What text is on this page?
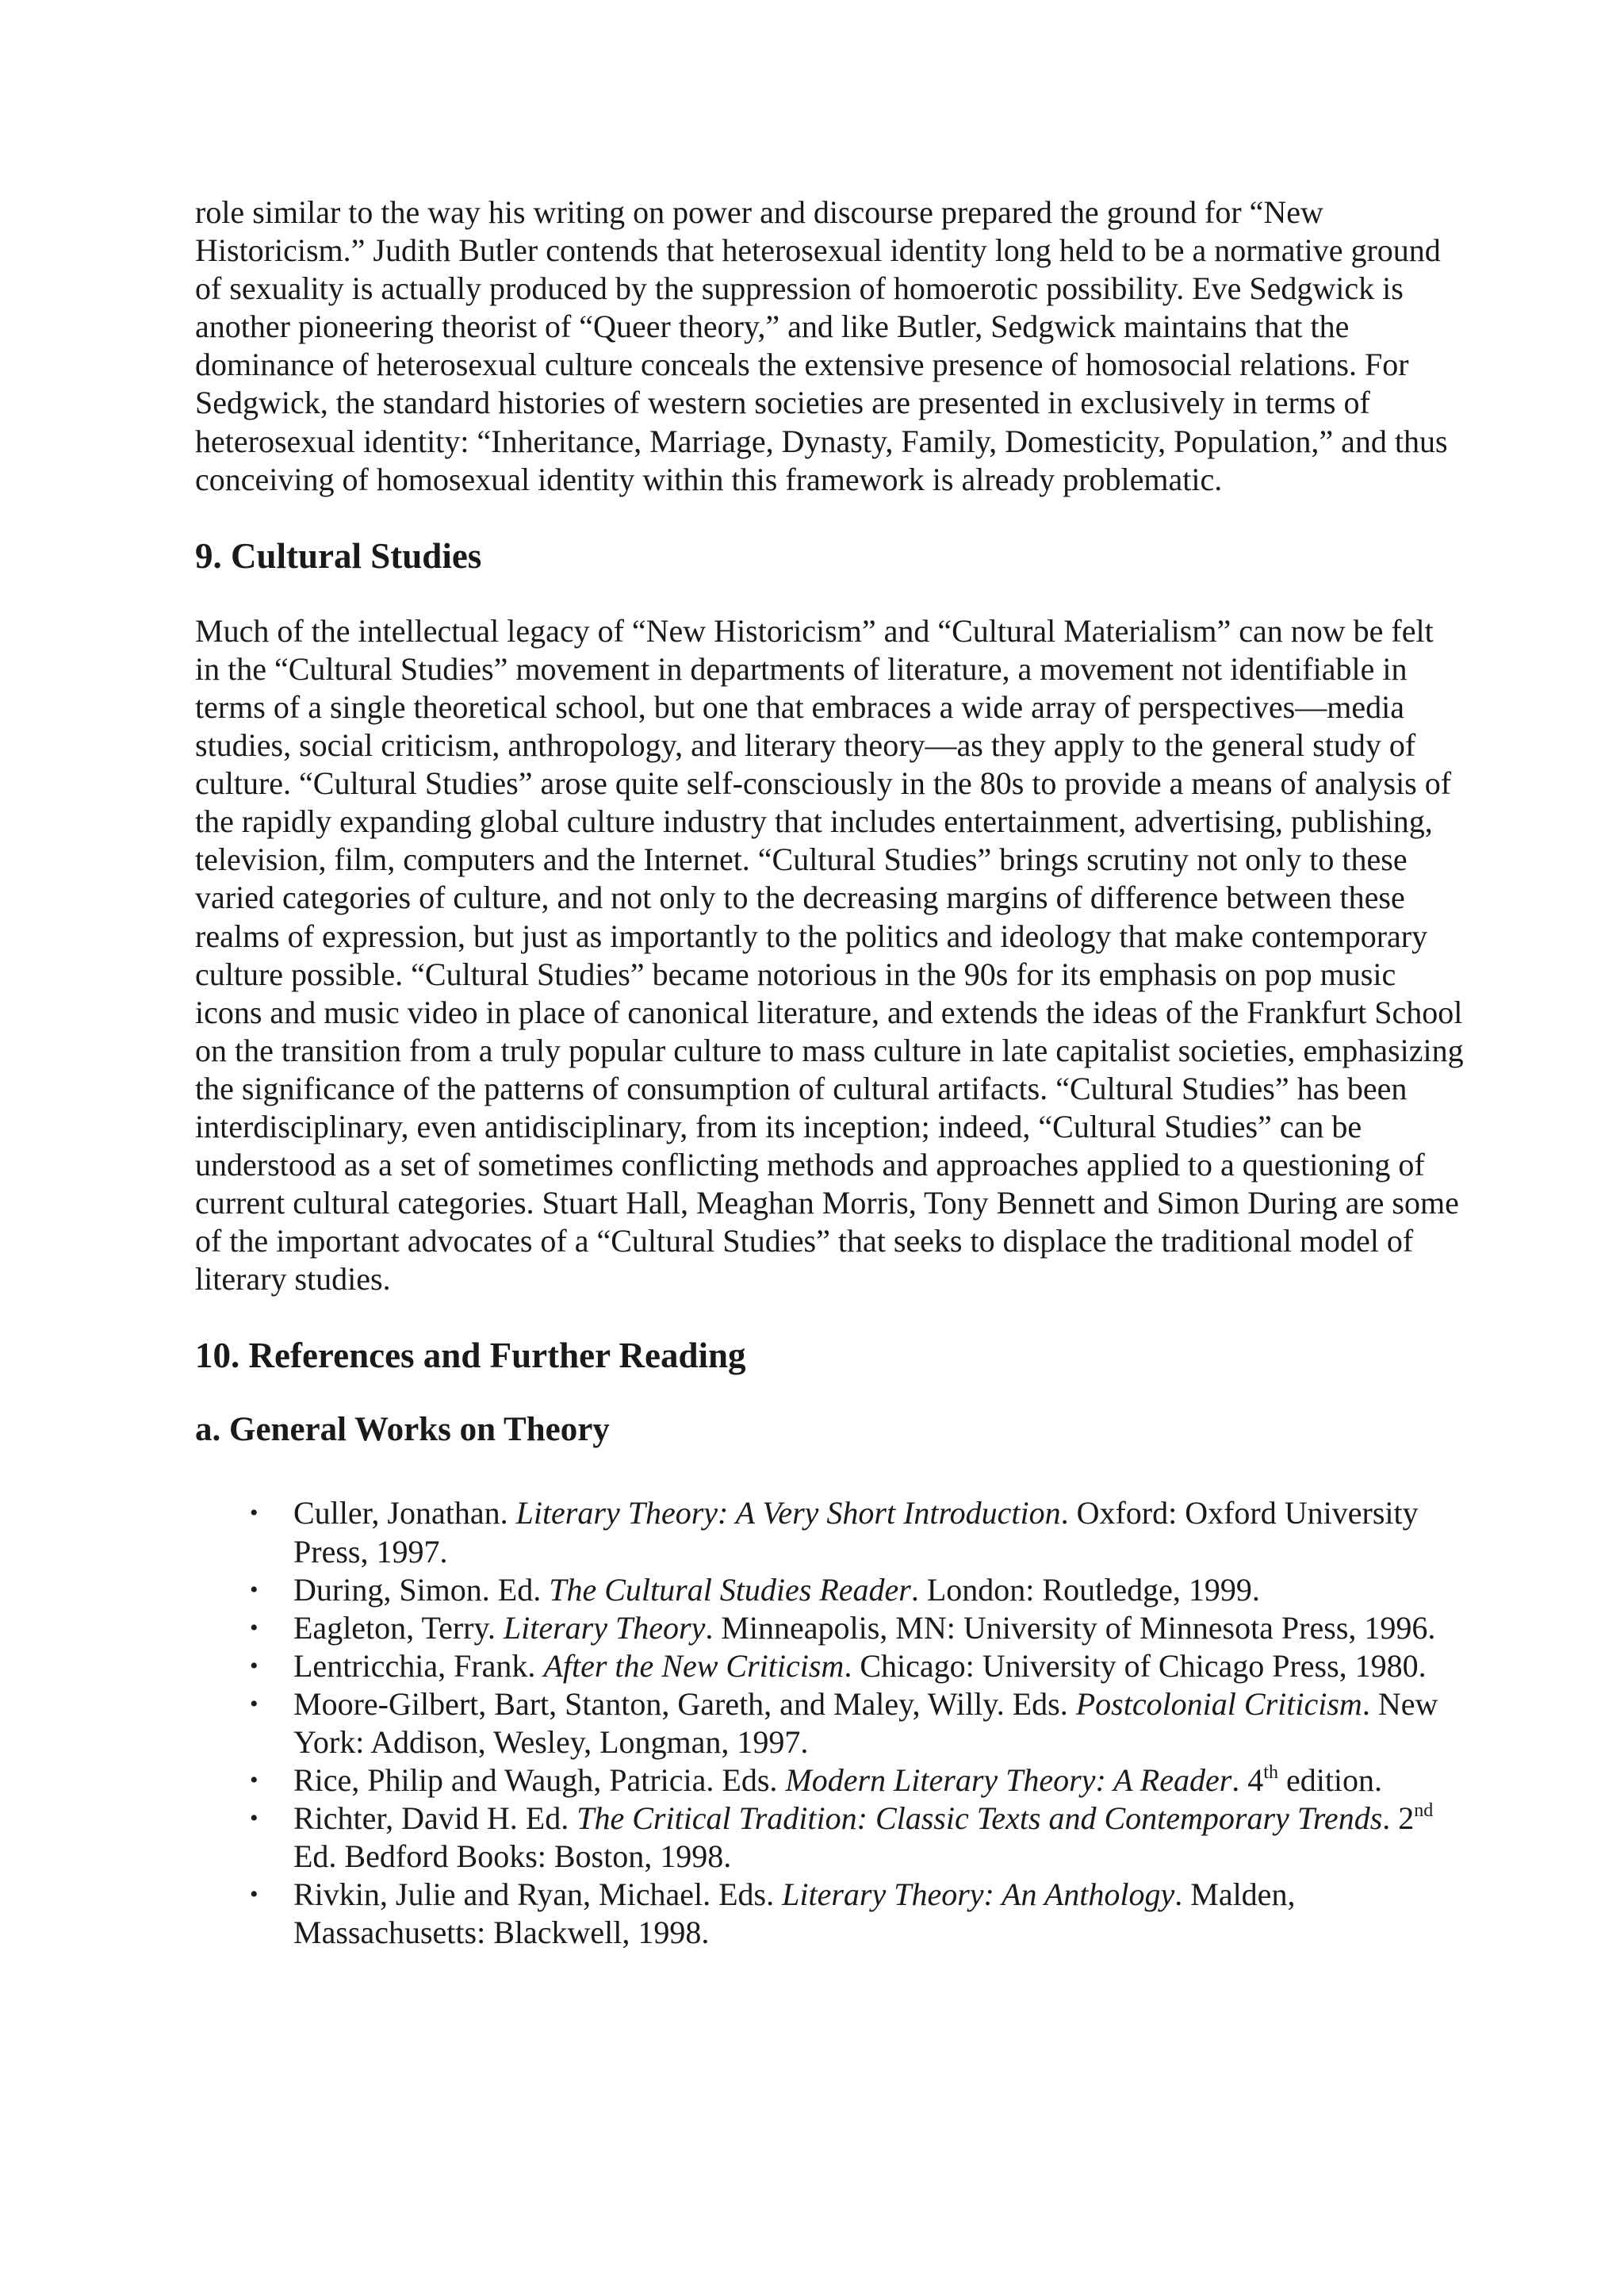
role similar to the way his writing on power and discourse prepared the ground for “New Historicism.” Judith Butler contends that heterosexual identity long held to be a normative ground of sexuality is actually produced by the suppression of homoerotic possibility. Eve Sedgwick is another pioneering theorist of “Queer theory,” and like Butler, Sedgwick maintains that the dominance of heterosexual culture conceals the extensive presence of homosocial relations. For Sedgwick, the standard histories of western societies are presented in exclusively in terms of heterosexual identity: “Inheritance, Marriage, Dynasty, Family, Domesticity, Population,” and thus conceiving of homosexual identity within this framework is already problematic.

9. Cultural Studies

Much of the intellectual legacy of “New Historicism” and “Cultural Materialism” can now be felt in the “Cultural Studies” movement in departments of literature, a movement not identifiable in terms of a single theoretical school, but one that embraces a wide array of perspectives—media studies, social criticism, anthropology, and literary theory—as they apply to the general study of culture. “Cultural Studies” arose quite self-consciously in the 80s to provide a means of analysis of the rapidly expanding global culture industry that includes entertainment, advertising, publishing, television, film, computers and the Internet. “Cultural Studies” brings scrutiny not only to these varied categories of culture, and not only to the decreasing margins of difference between these realms of expression, but just as importantly to the politics and ideology that make contemporary culture possible. “Cultural Studies” became notorious in the 90s for its emphasis on pop music icons and music video in place of canonical literature, and extends the ideas of the Frankfurt School on the transition from a truly popular culture to mass culture in late capitalist societies, emphasizing the significance of the patterns of consumption of cultural artifacts. “Cultural Studies” has been interdisciplinary, even antidisciplinary, from its inception; indeed, “Cultural Studies” can be understood as a set of sometimes conflicting methods and approaches applied to a questioning of current cultural categories. Stuart Hall, Meaghan Morris, Tony Bennett and Simon During are some of the important advocates of a “Cultural Studies” that seeks to displace the traditional model of literary studies.

10. References and Further Reading
a. General Works on Theory
• Culler, Jonathan. Literary Theory: A Very Short Introduction. Oxford: Oxford University Press, 1997.
• During, Simon. Ed. The Cultural Studies Reader. London: Routledge, 1999.
• Eagleton, Terry. Literary Theory. Minneapolis, MN: University of Minnesota Press, 1996.
• Lentricchia, Frank. After the New Criticism. Chicago: University of Chicago Press, 1980.
• Moore-Gilbert, Bart, Stanton, Gareth, and Maley, Willy. Eds. Postcolonial Criticism. New York: Addison, Wesley, Longman, 1997.
• Rice, Philip and Waugh, Patricia. Eds. Modern Literary Theory: A Reader. 4th edition.
• Richter, David H. Ed. The Critical Tradition: Classic Texts and Contemporary Trends. 2nd Ed. Bedford Books: Boston, 1998.
• Rivkin, Julie and Ryan, Michael. Eds. Literary Theory: An Anthology. Malden, Massachusetts: Blackwell, 1998.
